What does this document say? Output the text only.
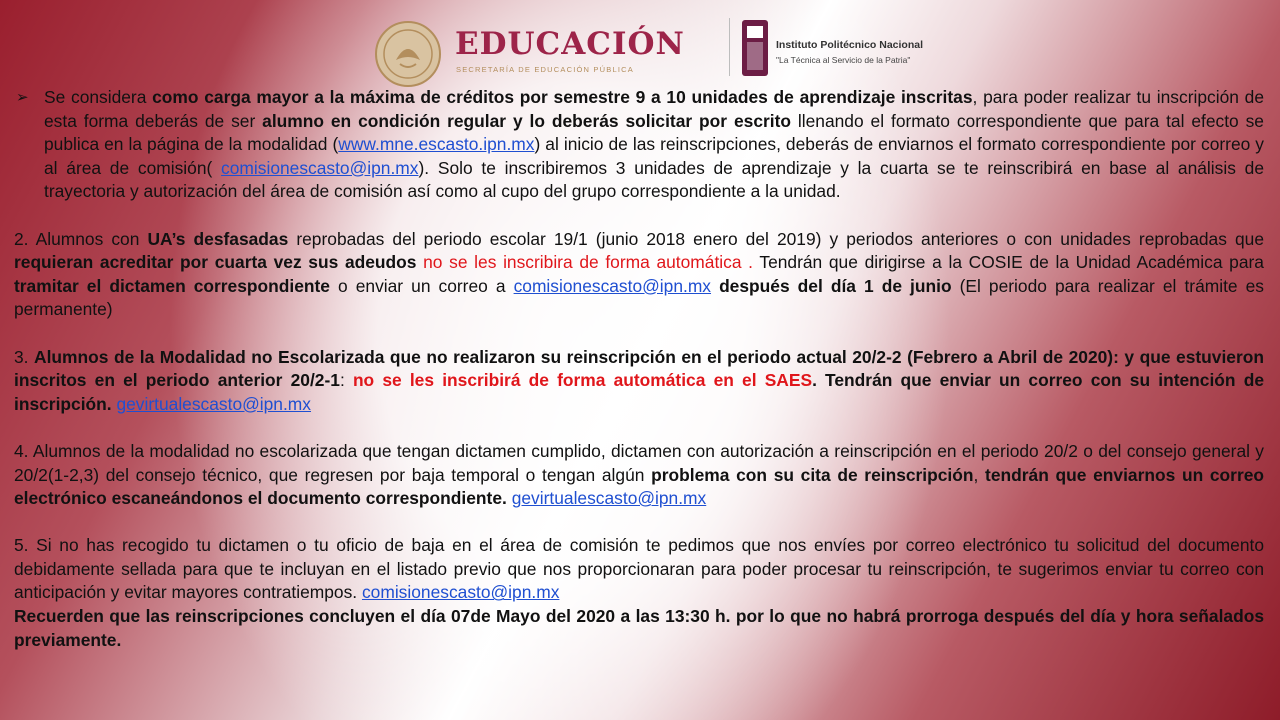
EDUCACIÓN
SECRETARÍA DE EDUCACIÓN PÚBLICA
Instituto Politécnico Nacional
"La Técnica al Servicio de la Patria"

➢ Se considera como carga mayor a la máxima de créditos por semestre 9 a 10 unidades de aprendizaje inscritas, para poder realizar tu inscripción de esta forma deberás de ser alumno en condición regular y lo deberás solicitar por escrito llenando el formato correspondiente que para tal efecto se publica en la página de la modalidad (www.mne.escasto.ipn.mx) al inicio de las reinscripciones, deberás de enviarnos el formato correspondiente por correo y al área de comisión( comisionescasto@ipn.mx). Solo te inscribiremos 3 unidades de aprendizaje y la cuarta se te reinscribirá en base al análisis de trayectoria y autorización del área de comisión así como al cupo del grupo correspondiente a la unidad.

2. Alumnos con UA’s desfasadas reprobadas del periodo escolar 19/1 (junio 2018 enero del 2019) y periodos anteriores o con unidades reprobadas que requieran acreditar por cuarta vez sus adeudos no se les inscribira de forma automática . Tendrán que dirigirse a la COSIE de la Unidad Académica para tramitar el dictamen correspondiente o enviar un correo a comisionescasto@ipn.mx después del día 1 de junio (El periodo para realizar el trámite es permanente)

3. Alumnos de la Modalidad no Escolarizada que no realizaron su reinscripción en el periodo actual 20/2-2 (Febrero a Abril de 2020): y que estuvieron inscritos en el periodo anterior 20/2-1: no se les inscribirá de forma automática en el SAES. Tendrán que enviar un correo con su intención de inscripción. gevirtualescasto@ipn.mx

4. Alumnos de la modalidad no escolarizada que tengan dictamen cumplido, dictamen con autorización a reinscripción en el periodo 20/2 o del consejo general y 20/2(1-2,3) del consejo técnico, que regresen por baja temporal o tengan algún problema con su cita de reinscripción, tendrán que enviarnos un correo electrónico escaneándonos el documento correspondiente. gevirtualescasto@ipn.mx

5. Si no has recogido tu dictamen o tu oficio de baja en el área de comisión te pedimos que nos envíes por correo electrónico tu solicitud del documento debidamente sellada para que te incluyan en el listado previo que nos proporcionaran para poder procesar tu reinscripción, te sugerimos enviar tu correo con anticipación y evitar mayores contratiempos. comisionescasto@ipn.mx
Recuerden que las reinscripciones concluyen el día 07de Mayo del 2020 a las 13:30 h. por lo que no habrá prorroga después del día y hora señalados previamente.
